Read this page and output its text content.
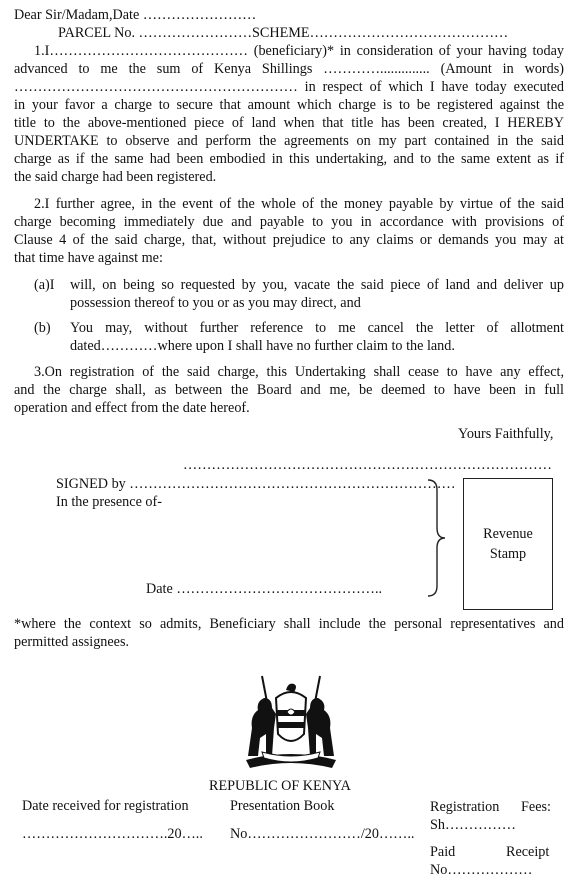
Dear Sir/Madam,Date ……………………
PARCEL No. ……………………SCHEME……………………………………
1.I…………………………………… (beneficiary)* in consideration of your having today
advanced to me the sum of Kenya Shillings ………….............. (Amount in words)
…………………………………………………… in respect of which I have today executed
in your favor a charge to secure that amount which charge is to be registered against the
title to the above-mentioned piece of land when that title has been created, I HEREBY
UNDERTAKE to observe and perform the agreements on my part contained in the said
charge as if the same had been embodied in this undertaking, and to the same extent as if
the said charge had been registered.
2.I further agree, in the event of the whole of the money payable by virtue of the said
charge becoming immediately due and payable to you in accordance with provisions of
Clause 4 of the said charge, that, without prejudice to any claims or demands you may at
that time have against me:
(a)I will, on being so requested by you, vacate the said piece of land and deliver up
possession thereof to you or as you may direct, and
(b) You may, without further reference to me cancel the letter of allotment
dated…………where upon I shall have no further claim to the land.
3.On registration of the said charge, this Undertaking shall cease to have any effect,
and the charge shall, as between the Board and me, be deemed to have been in full
operation and effect from the date hereof.
Yours Faithfully,
……………………………………………………………………
SIGNED by ……………………………………………………………
In the presence of-
Date ……………………………………..
Revenue
Stamp
*where the context so admits, Beneficiary shall include the personal representatives and
permitted assignees.
REPUBLIC OF KENYA
Date received for registration	Presentation Book	Registration Fees:
Sh……………
………………………….20….. No……………………/20……..
Paid	Receipt
No………………
